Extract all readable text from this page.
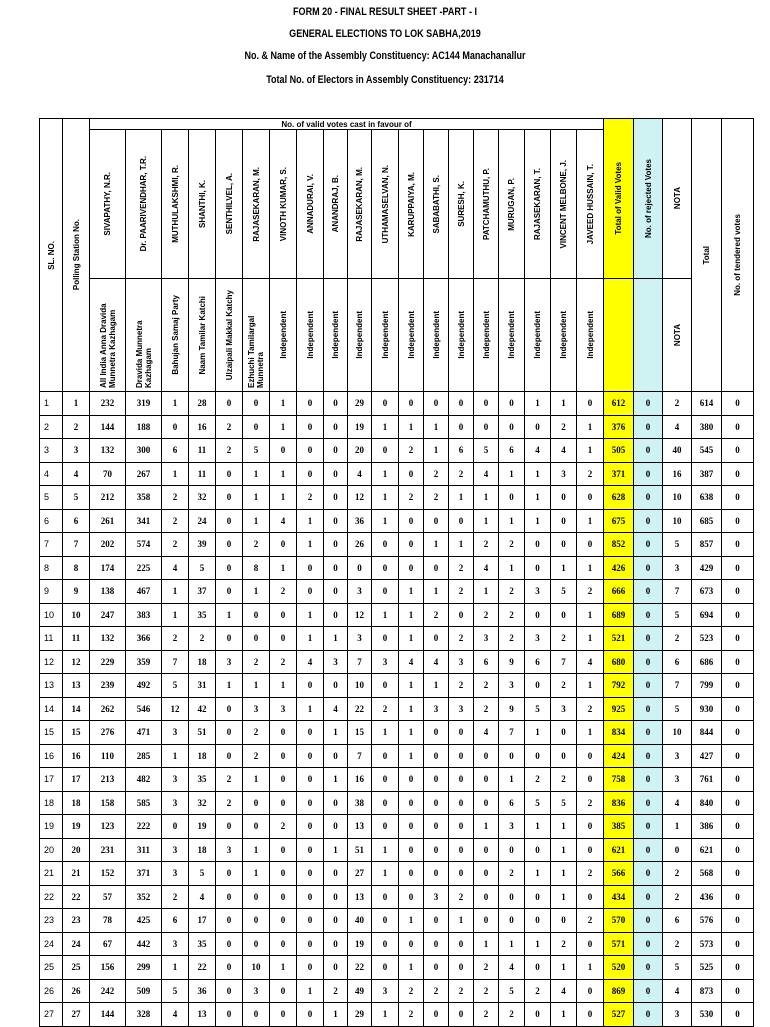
FORM 20 - FINAL RESULT SHEET -PART - I
GENERAL ELECTIONS TO LOK SABHA,2019
No. & Name of the Assembly Constituency: AC144 Manachanallur
Total No. of Electors in Assembly Constituency: 231714
SL. NO.	Polling Station No.	No. of valid votes cast in favour of																			Total of Valid Votes	No. of rejected Votes	NOTA	Total	No. of tendered votes

		SIVAPATHY, N.R.	Dr. PAARIVENDHAR, T.R.	MUTHULAKSHMI, R.	SHANTHI, K.	SENTHILVEL, A.	RAJASEKARAN, M.	VINOTH KUMAR, S.	ANNADURAI, V.	ANANDRAJ, B.	RAJASEKARAN, M.	UTHAMASELVAN, N.	KARUPPAIYA, M.	SABABATHI, S.	SURESH, K.	PATCHAMUTHU, P.	MURUGAN, P.	RAJASEKARAN, T.	VINCENT MELBONE, J.	JAVEED HUSSAIN, T.					

		All India Anna Dravida Munnetra Kazhagam	Dravida Munnetra Kazhagam	Bahujan Samaj Party	Naam Tamilar Katchi	Ulzaipali Makkal Katchy	Ezhuchi Tamilargal Munnetra	Independent	Independent	Independent	Independent	Independent	Independent	Independent	Independent	Independent	Independent	Independent	Independent	Independent			NOTA		

1	1	232	319	1	28	0	0	1	0	0	29	0	0	0	0	0	0	1	1	0	612	0	2	614	0
2	2	144	188	0	16	2	0	1	0	0	19	1	1	1	0	0	0	0	2	1	376	0	4	380	0
3	3	132	300	6	11	2	5	0	0	0	20	0	2	1	6	5	6	4	4	1	505	0	40	545	0
4	4	70	267	1	11	0	1	1	0	0	4	1	0	2	2	4	1	1	3	2	371	0	16	387	0
5	5	212	358	2	32	0	1	1	2	0	12	1	2	2	1	1	0	1	0	0	628	0	10	638	0
6	6	261	341	2	24	0	1	4	1	0	36	1	0	0	0	1	1	1	0	1	675	0	10	685	0
7	7	202	574	2	39	0	2	0	1	0	26	0	0	1	1	2	2	0	0	0	852	0	5	857	0
8	8	174	225	4	5	0	8	1	0	0	0	0	0	0	2	4	1	0	1	1	426	0	3	429	0
9	9	138	467	1	37	0	1	2	0	0	3	0	1	1	2	1	2	3	5	2	666	0	7	673	0
10	10	247	383	1	35	1	0	0	1	0	12	1	1	2	0	2	2	0	0	1	689	0	5	694	0
11	11	132	366	2	2	0	0	0	1	1	3	0	1	0	2	3	2	3	2	1	521	0	2	523	0
12	12	229	359	7	18	3	2	2	4	3	7	3	4	4	3	6	9	6	7	4	680	0	6	686	0
13	13	239	492	5	31	1	1	1	0	0	10	0	1	1	2	2	3	0	2	1	792	0	7	799	0
14	14	262	546	12	42	0	3	3	1	4	22	2	1	3	3	2	9	5	3	2	925	0	5	930	0
15	15	276	471	3	51	0	2	0	0	1	15	1	1	0	0	4	7	1	0	1	834	0	10	844	0
16	16	110	285	1	18	0	2	0	0	0	7	0	1	0	0	0	0	0	0	0	424	0	3	427	0
17	17	213	482	3	35	2	1	0	0	1	16	0	0	0	0	0	1	2	2	0	758	0	3	761	0
18	18	158	585	3	32	2	0	0	0	0	38	0	0	0	0	0	6	5	5	2	836	0	4	840	0
19	19	123	222	0	19	0	0	2	0	0	13	0	0	0	0	1	3	1	1	0	385	0	1	386	0
20	20	231	311	3	18	3	1	0	0	1	51	1	0	0	0	0	0	0	1	0	621	0	0	621	0
21	21	152	371	3	5	0	1	0	0	0	27	1	0	0	0	0	2	1	1	2	566	0	2	568	0
22	22	57	352	2	4	0	0	0	0	0	13	0	0	3	2	0	0	0	1	0	434	0	2	436	0
23	23	78	425	6	17	0	0	0	0	0	40	0	1	0	1	0	0	0	0	2	570	0	6	576	0
24	24	67	442	3	35	0	0	0	0	0	19	0	0	0	0	1	1	1	2	0	571	0	2	573	0
25	25	156	299	1	22	0	10	1	0	0	22	0	1	0	0	2	4	0	1	1	520	0	5	525	0
26	26	242	509	5	36	0	3	0	1	2	49	3	2	2	2	2	5	2	4	0	869	0	4	873	0
27	27	144	328	4	13	0	0	0	0	1	29	1	2	0	0	2	2	0	1	0	527	0	3	530	0
